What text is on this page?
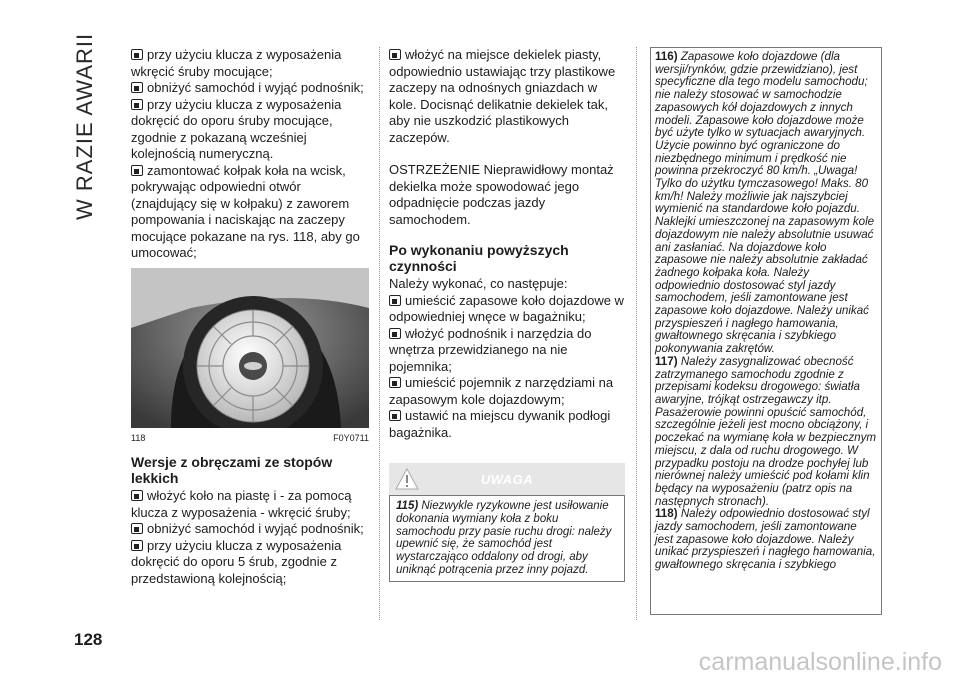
W RAZIE AWARII
128

przy użyciu klucza z wyposażenia wkręcić śruby mocujące;

obniżyć samochód i wyjąć podnośnik;

przy użyciu klucza z wyposażenia dokręcić do oporu śruby mocujące, zgodnie z pokazaną wcześniej kolejnością numeryczną.

zamontować kołpak koła na wcisk, pokrywając odpowiedni otwór (znajdujący się w kołpaku) z zaworem pompowania i naciskając na zaczepy mocujące pokazane na rys. 118, aby go umocować;

118	F0Y0711
Wersje z obręczami ze stopów lekkich

włożyć koło na piastę i - za pomocą klucza z wyposażenia - wkręcić śruby;

obniżyć samochód i wyjąć podnośnik;

przy użyciu klucza z wyposażenia dokręcić do oporu 5 śrub, zgodnie z przedstawioną kolejnością;

włożyć na miejsce dekielek piasty, odpowiednio ustawiając trzy plastikowe zaczepy na odnośnych gniazdach w kole. Docisnąć delikatnie dekielek tak, aby nie uszkodzić plastikowych zaczepów.

OSTRZEŻENIE Nieprawidłowy montaż dekielka może spowodować jego odpadnięcie podczas jazdy samochodem.

Po wykonaniu powyższych czynności

Należy wykonać, co następuje:

umieścić zapasowe koło dojazdowe w odpowiedniej wnęce w bagażniku;

włożyć podnośnik i narzędzia do wnętrza przewidzianego na nie pojemnika;

umieścić pojemnik z narzędziami na zapasowym kole dojazdowym;

ustawić na miejscu dywanik podłogi bagażnika.

UWAGA
115) Niezwykle ryzykowne jest usiłowanie dokonania wymiany koła z boku samochodu przy pasie ruchu drogi: należy upewnić się, że samochód jest wystarczająco oddalony od drogi, aby uniknąć potrącenia przez inny pojazd.

116) Zapasowe koło dojazdowe (dla wersji/rynków, gdzie przewidziano), jest specyficzne dla tego modelu samochodu; nie należy stosować w samochodzie zapasowych kół dojazdowych z innych modeli. Zapasowe koło dojazdowe może być użyte tylko w sytuacjach awaryjnych. Użycie powinno być ograniczone do niezbędnego minimum i prędkość nie powinna przekroczyć 80 km/h. „Uwaga! Tylko do użytku tymczasowego! Maks. 80 km/h! Należy możliwie jak najszybciej wymienić na standardowe koło pojazdu. Naklejki umieszczonej na zapasowym kole dojazdowym nie należy absolutnie usuwać ani zasłaniać. Na dojazdowe koło zapasowe nie należy absolutnie zakładać żadnego kołpaka koła. Należy odpowiednio dostosować styl jazdy samochodem, jeśli zamontowane jest zapasowe koło dojazdowe. Należy unikać przyspieszeń i nagłego hamowania, gwałtownego skręcania i szybkiego pokonywania zakrętów.

117) Należy zasygnalizować obecność zatrzymanego samochodu zgodnie z przepisami kodeksu drogowego: światła awaryjne, trójkąt ostrzegawczy itp. Pasażerowie powinni opuścić samochód, szczególnie jeżeli jest mocno obciążony, i poczekać na wymianę koła w bezpiecznym miejscu, z dala od ruchu drogowego. W przypadku postoju na drodze pochyłej lub nierównej należy umieścić pod kołami klin będący na wyposażeniu (patrz opis na następnych stronach).

118) Należy odpowiednio dostosować styl jazdy samochodem, jeśli zamontowane jest zapasowe koło dojazdowe. Należy unikać przyspieszeń i nagłego hamowania, gwałtownego skręcania i szybkiego

carmanualsonline.info
